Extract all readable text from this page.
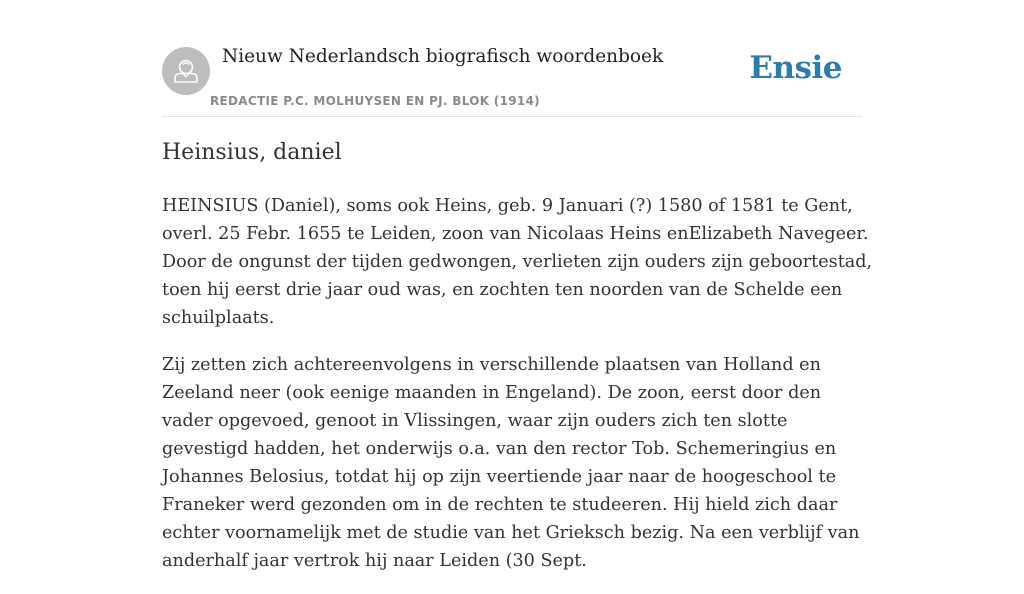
Nieuw Nederlandsch biografisch woordenboek
REDACTIE P.C. MOLHUYSEN EN PJ. BLOK (1914)
Ensie
Heinsius, daniel

HEINSIUS (Daniel), soms ook Heins, geb. 9 Januari (?) 1580 of 1581 te Gent, overl. 25 Febr. 1655 te Leiden, zoon van Nicolaas Heins enElizabeth Navegeer. Door de ongunst der tijden gedwongen, verlieten zijn ouders zijn geboortestad, toen hij eerst drie jaar oud was, en zochten ten noorden van de Schelde een schuilplaats.

Zij zetten zich achtereenvolgens in verschillende plaatsen van Holland en Zeeland neer (ook eenige maanden in Engeland). De zoon, eerst door den vader opgevoed, genoot in Vlissingen, waar zijn ouders zich ten slotte gevestigd hadden, het onderwijs o.a. van den rector Tob. Schemeringius en Johannes Belosius, totdat hij op zijn veertiende jaar naar de hoogeschool te Franeker werd gezonden om in de rechten te studeeren. Hij hield zich daar echter voornamelijk met de studie van het Grieksch bezig. Na een verblijf van anderhalf jaar vertrok hij naar Leiden (30 Sept.
